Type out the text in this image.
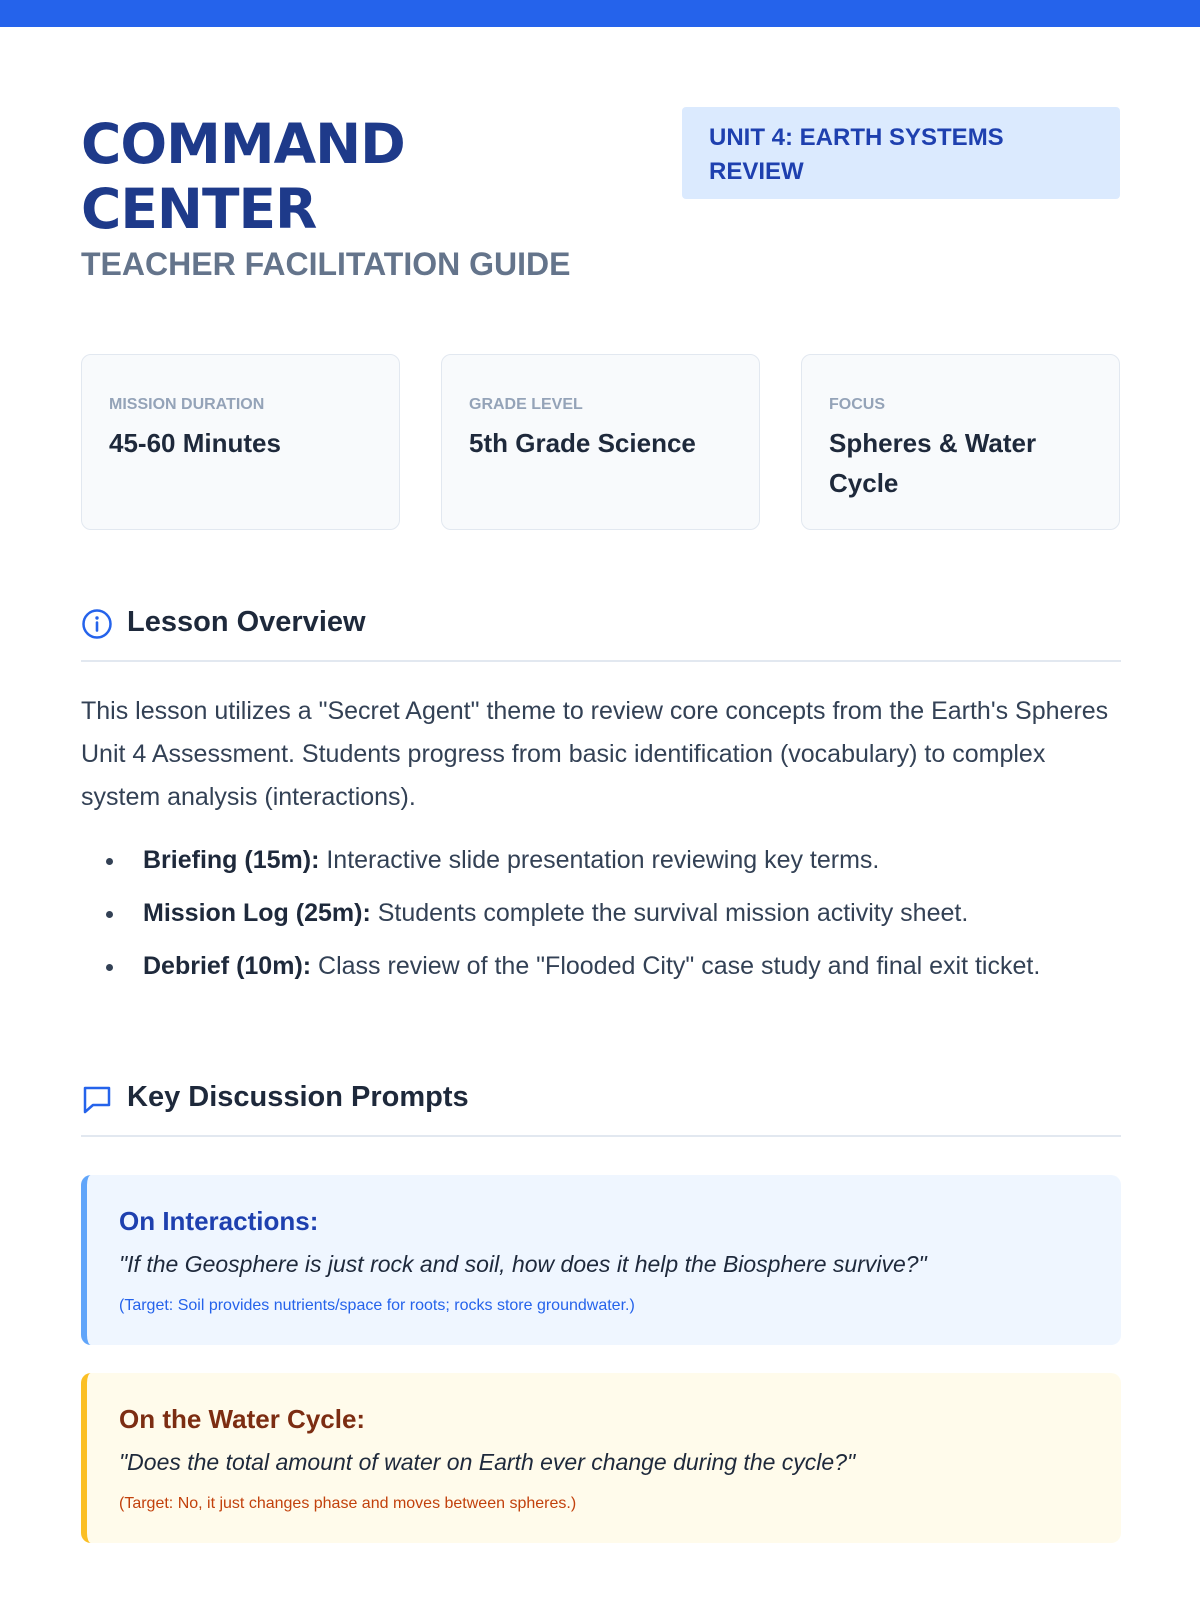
COMMAND
CENTER
TEACHER FACILITATION GUIDE
UNIT 4: EARTH SYSTEMS REVIEW
MISSION DURATION
45-60 Minutes
GRADE LEVEL
5th Grade Science
FOCUS
Spheres & Water Cycle
Lesson Overview

This lesson utilizes a "Secret Agent" theme to review core concepts from the Earth's Spheres Unit 4 Assessment. Students progress from basic identification (vocabulary) to complex system analysis (interactions).

Briefing (15m): Interactive slide presentation reviewing key terms.
Mission Log (25m): Students complete the survival mission activity sheet.
Debrief (10m): Class review of the "Flooded City" case study and final exit ticket.
Key Discussion Prompts
On Interactions:
"If the Geosphere is just rock and soil, how does it help the Biosphere survive?"
(Target: Soil provides nutrients/space for roots; rocks store groundwater.)
On the Water Cycle:
"Does the total amount of water on Earth ever change during the cycle?"
(Target: No, it just changes phase and moves between spheres.)
